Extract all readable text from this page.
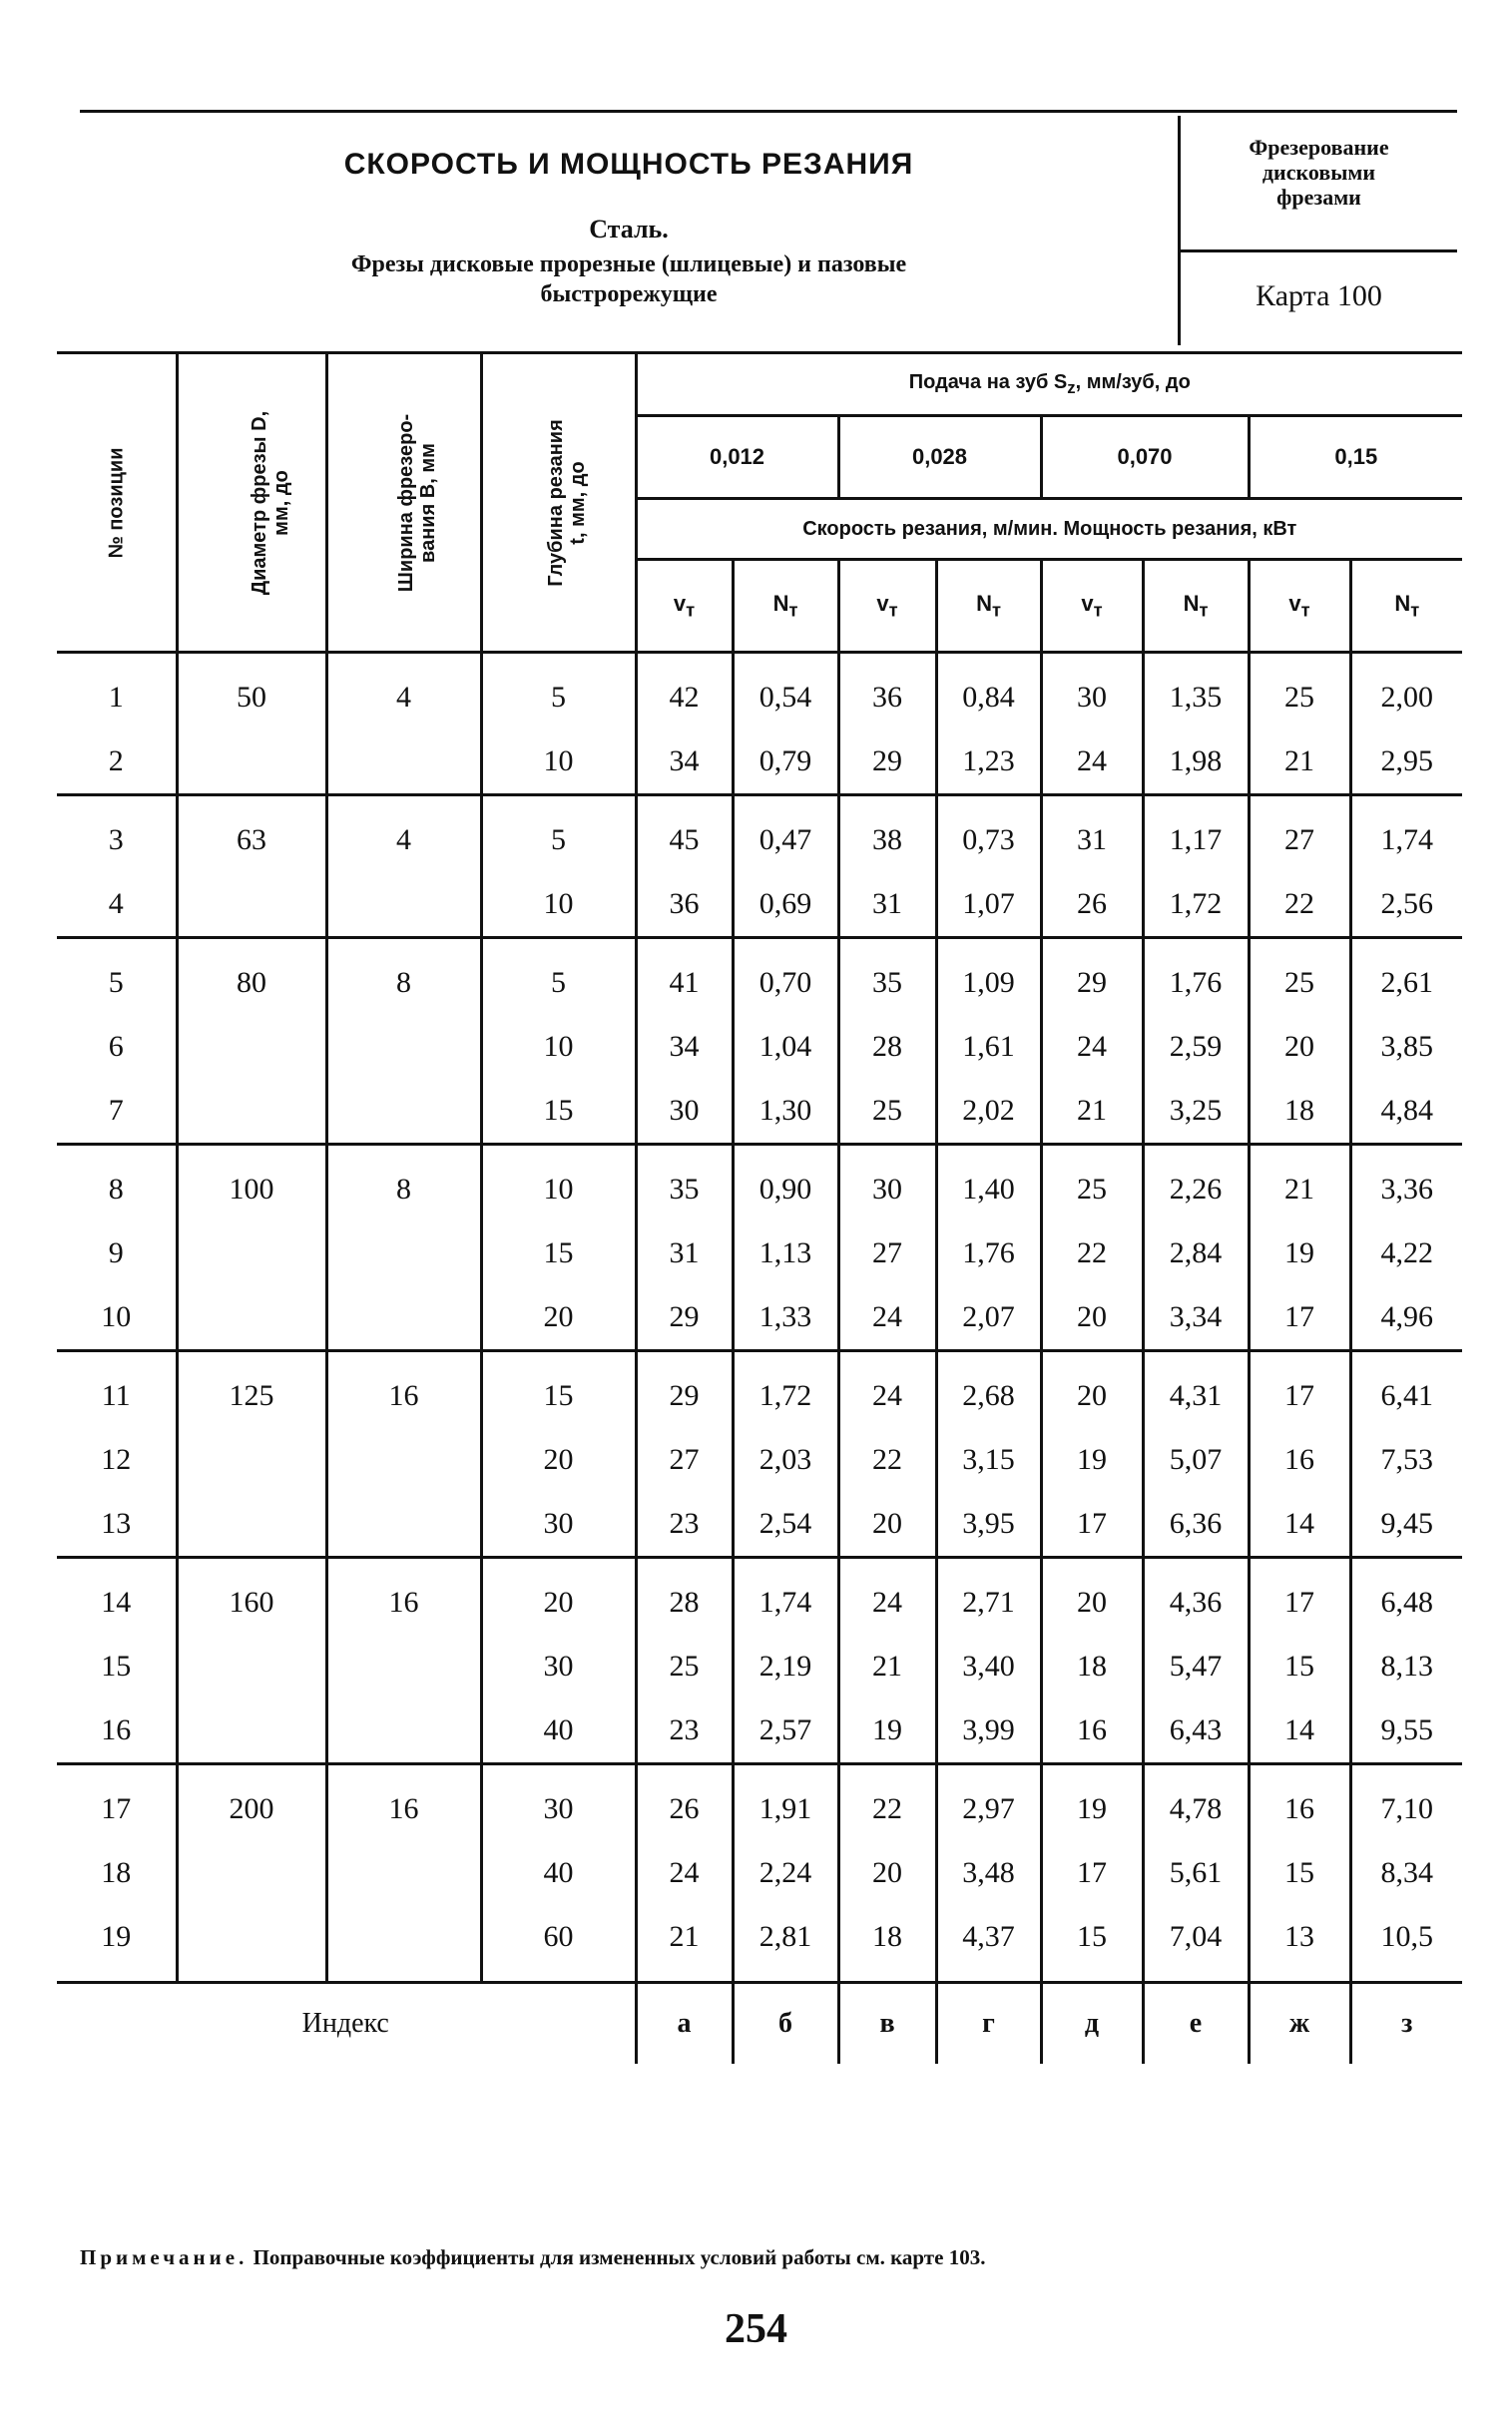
СКОРОСТЬ И МОЩНОСТЬ РЕЗАНИЯ
Сталь.
Фрезы дисковые прорезные (шлицевые) и пазовые
быстрорежущие
Фрезерование
дисковыми
фрезами
Карта 100
№ позиции	Диаметр фрезы D, мм, до	Ширина фрезеро- вания B, мм	Глубина резания t, мм, до	Подача на зуб $S_z$, мм/зуб, до							
				0,012		0,028		0,070		0,15	
				Скорость резания, м/мин. Мощность резания, кВт							
				$v_т$	$N_т$	$v_т$	$N_т$	$v_т$	$N_т$	$v_т$	$N_т$

1	50	4	5	42	0,54	36	0,84	30	1,35	25	2,00
2			10	34	0,79	29	1,23	24	1,98	21	2,95

3	63	4	5	45	0,47	38	0,73	31	1,17	27	1,74
4			10	36	0,69	31	1,07	26	1,72	22	2,56

5	80	8	5	41	0,70	35	1,09	29	1,76	25	2,61
6			10	34	1,04	28	1,61	24	2,59	20	3,85
7			15	30	1,30	25	2,02	21	3,25	18	4,84

8	100	8	10	35	0,90	30	1,40	25	2,26	21	3,36
9			15	31	1,13	27	1,76	22	2,84	19	4,22
10			20	29	1,33	24	2,07	20	3,34	17	4,96

11	125	16	15	29	1,72	24	2,68	20	4,31	17	6,41
12			20	27	2,03	22	3,15	19	5,07	16	7,53
13			30	23	2,54	20	3,95	17	6,36	14	9,45

14	160	16	20	28	1,74	24	2,71	20	4,36	17	6,48
15			30	25	2,19	21	3,40	18	5,47	15	8,13
16			40	23	2,57	19	3,99	16	6,43	14	9,55

17	200	16	30	26	1,91	22	2,97	19	4,78	16	7,10
18			40	24	2,24	20	3,48	17	5,61	15	8,34
19			60	21	2,81	18	4,37	15	7,04	13	10,5

Индекс				а	б	в	г	д	е	ж	з
Примечание. Поправочные коэффициенты для измененных условий работы см. карте 103.
254
